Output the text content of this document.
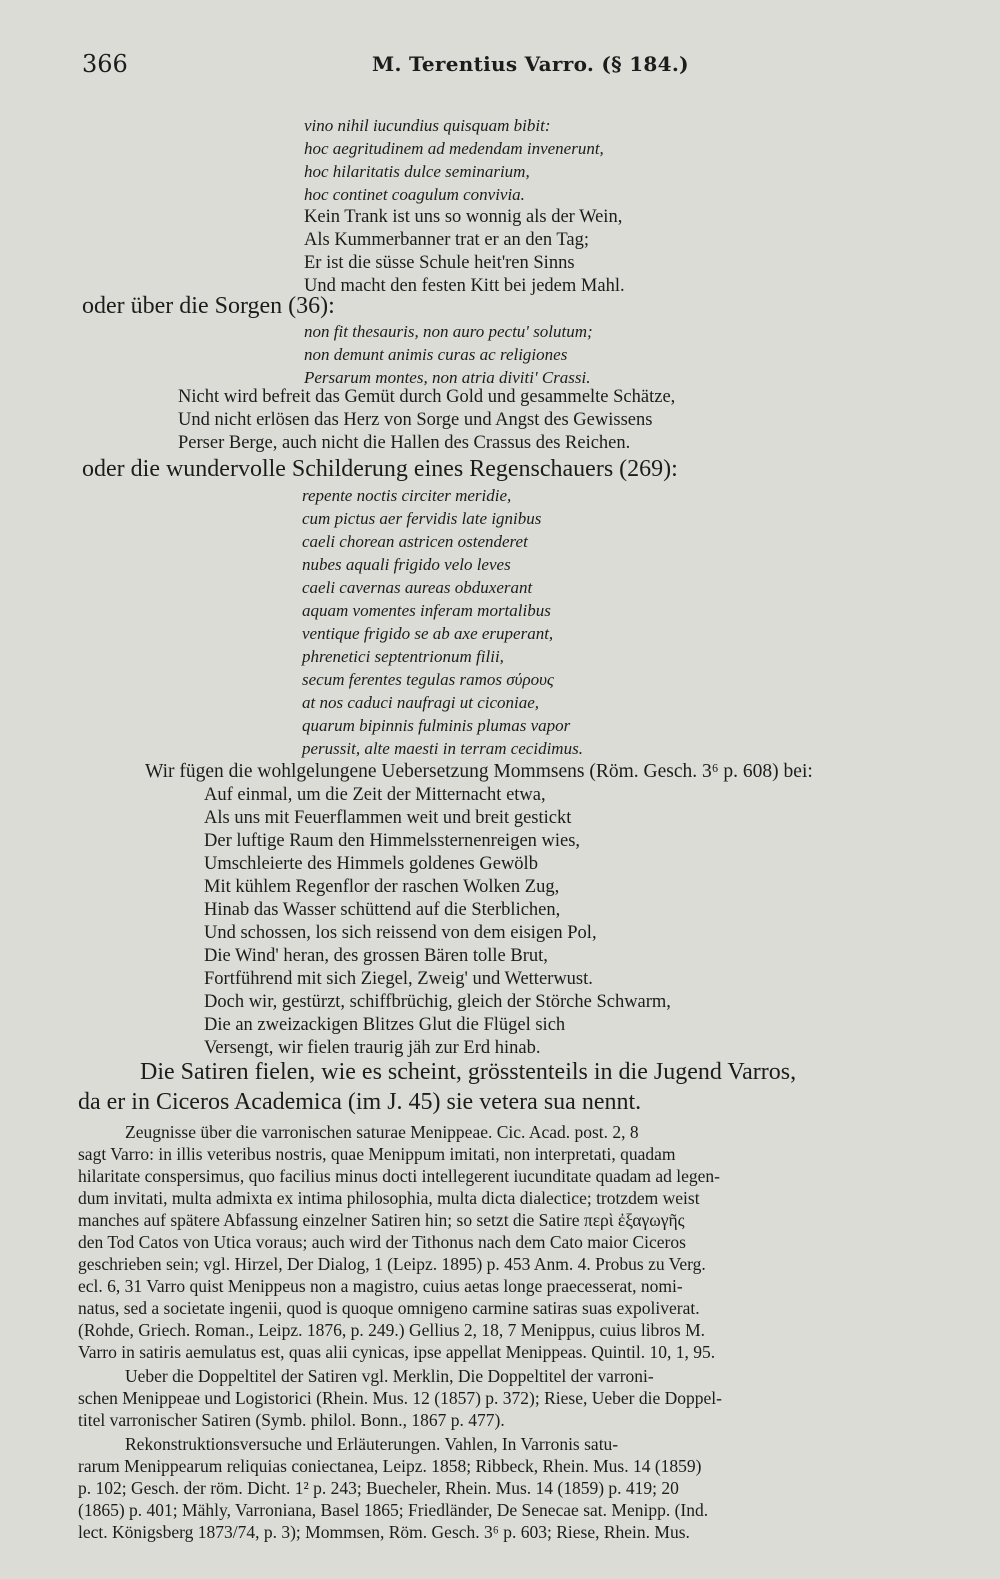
366	M. Terentius Varro. (§ 184.)
vino nihil iucundius quisquam bibit:
hoc aegritudinem ad medendam invenerunt,
hoc hilaritatis dulce seminarium,
hoc continet coagulum convivia.
Kein Trank ist uns so wonnig als der Wein,
Als Kummerbanner trat er an den Tag;
Er ist die süsse Schule heit'ren Sinns
Und macht den festen Kitt bei jedem Mahl.
oder über die Sorgen (36):
non fit thesauris, non auro pectu' solutum;
non demunt animis curas ac religiones
Persarum montes, non atria diviti' Crassi.
Nicht wird befreit das Gemüt durch Gold und gesammelte Schätze,
Und nicht erlösen das Herz von Sorge und Angst des Gewissens
Perser Berge, auch nicht die Hallen des Crassus des Reichen.
oder die wundervolle Schilderung eines Regenschauers (269):
repente noctis circiter meridie,
cum pictus aer fervidis late ignibus
caeli chorean astricen ostenderet
nubes aquali frigido velo leves
caeli cavernas aureas obduxerant
aquam vomentes inferam mortalibus
ventique frigido se ab axe eruperant,
phrenetici septentrionum filii,
secum ferentes tegulas ramos σύρους
at nos caduci naufragi ut ciconiae,
quarum bipinnis fulminis plumas vapor
perussit, alte maesti in terram cecidimus.
Wir fügen die wohlgelungene Uebersetzung Mommsens (Röm. Gesch. 3⁶ p. 608) bei:
Auf einmal, um die Zeit der Mitternacht etwa,
Als uns mit Feuerflammen weit und breit gestickt
Der luftige Raum den Himmelssternenreigen wies,
Umschleierte des Himmels goldenes Gewölb
Mit kühlem Regenflor der raschen Wolken Zug,
Hinab das Wasser schüttend auf die Sterblichen,
Und schossen, los sich reissend von dem eisigen Pol,
Die Wind' heran, des grossen Bären tolle Brut,
Fortführend mit sich Ziegel, Zweig' und Wetterwust.
Doch wir, gestürzt, schiffbrüchig, gleich der Störche Schwarm,
Die an zweizackigen Blitzes Glut die Flügel sich
Versengt, wir fielen traurig jäh zur Erd hinab.
Die Satiren fielen, wie es scheint, grösstenteils in die Jugend Varros,
da er in Ciceros Academica (im J. 45) sie vetera sua nennt.
Zeugnisse über die varronischen saturae Menippeae. Cic. Acad. post. 2, 8
sagt Varro: in illis veteribus nostris, quae Menippum imitati, non interpretati, quadam
hilaritate conspersimus, quo facilius minus docti intellegerent iucunditate quadam ad legen-
dum invitati, multa admixta ex intima philosophia, multa dicta dialectice; trotzdem weist
manches auf spätere Abfassung einzelner Satiren hin; so setzt die Satire περὶ ἐξαγωγῆς
den Tod Catos von Utica voraus; auch wird der Tithonus nach dem Cato maior Ciceros
geschrieben sein; vgl. Hirzel, Der Dialog, 1 (Leipz. 1895) p. 453 Anm. 4. Probus zu Verg.
ecl. 6, 31 Varro quist Menippeus non a magistro, cuius aetas longe praecesserat, nomi-
natus, sed a societate ingenii, quod is quoque omnigeno carmine satiras suas expoliverat.
(Rohde, Griech. Roman., Leipz. 1876, p. 249.) Gellius 2, 18, 7 Menippus, cuius libros M.
Varro in satiris aemulatus est, quas alii cynicas, ipse appellat Menippeas. Quintil. 10, 1, 95.
Ueber die Doppeltitel der Satiren vgl. Merklin, Die Doppeltitel der varroni-
schen Menippeae und Logistorici (Rhein. Mus. 12 (1857) p. 372); Riese, Ueber die Doppel-
titel varronischer Satiren (Symb. philol. Bonn., 1867 p. 477).
Rekonstruktionsversuche und Erläuterungen. Vahlen, In Varronis satu-
rarum Menippearum reliquias coniectanea, Leipz. 1858; Ribbeck, Rhein. Mus. 14 (1859)
p. 102; Gesch. der röm. Dicht. 1² p. 243; Buecheler, Rhein. Mus. 14 (1859) p. 419; 20
(1865) p. 401; Mähly, Varroniana, Basel 1865; Friedländer, De Senecae sat. Menipp. (Ind.
lect. Königsberg 1873/74, p. 3); Mommsen, Röm. Gesch. 3⁶ p. 603; Riese, Rhein. Mus.
